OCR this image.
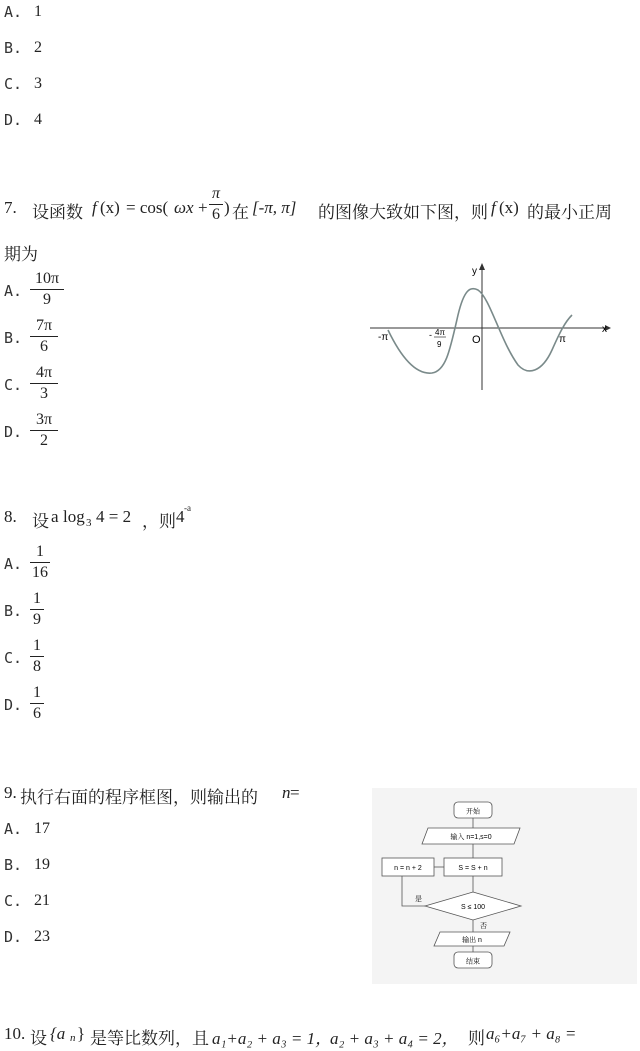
A. 1
B. 2
C. 3
D. 4
7. 设函数 f (x) = cos( ωx +
π
6 ) 在 [-π, π] 的图像大致如下图，则 f (x) 的最小正周
期为
A.
10π
9
B.
7π
6
C.
4π
3
D.
3π
2
y
x
-π	π
O
- 4π
9
8. 设 a log 3 4 = 2 ，则 4 -a
A.
1
16
B.
1
9
C.
1
8
D.
1
6
9. 执行右面的程序框图，则输出的 n =
A. 17
B. 19
C. 21
D. 23
开始
输入 n=1,s=0
S = S + n
n = n + 2
S ≤ 100
是
否
输出 n
结束
10. 设 {a n } 是等比数列，且 a₁+a₂ + a₃ = 1，
a₂ + a₃ + a₄ = 2， 则 a₆+a₇ + a₈ =
